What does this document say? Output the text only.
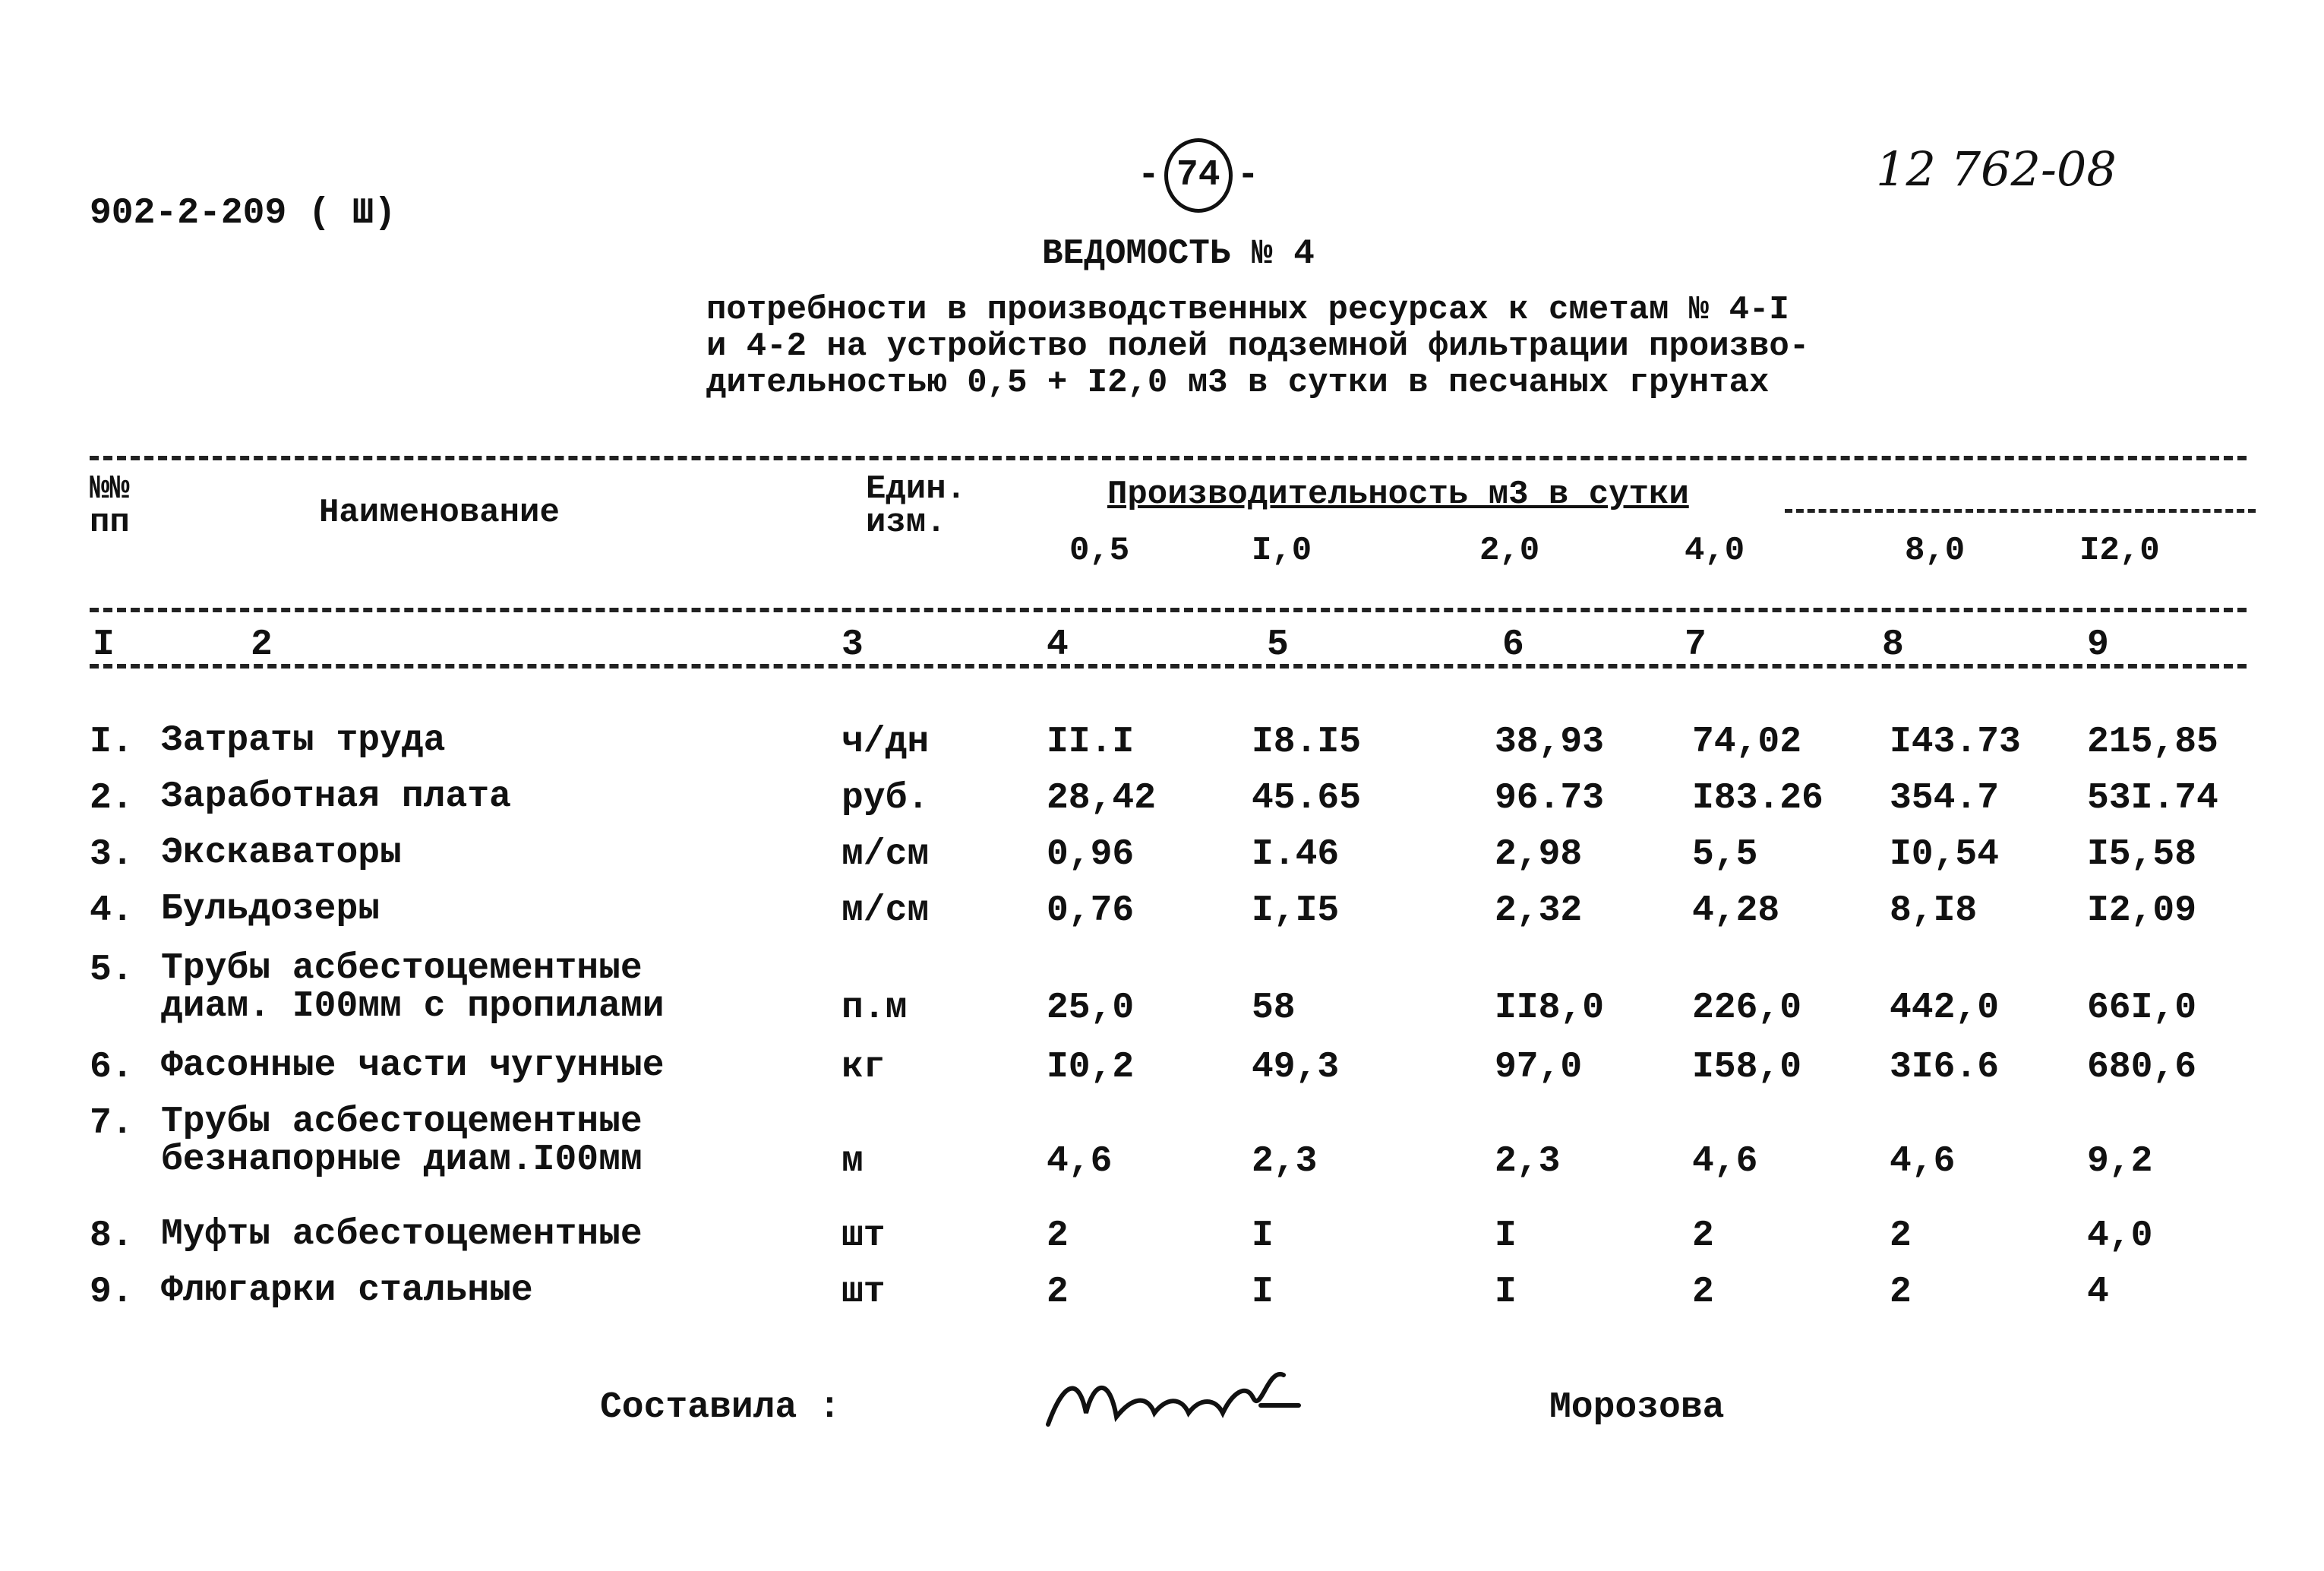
902-2-209 ( Ш)
- 74 -	12 762-08
ВЕДОМОСТЬ № 4
потребности в производственных ресурсах к сметам № 4-I
и 4-2 на устройство полей подземной фильтрации произво-
дительностью 0,5 + I2,0 м3 в сутки в песчаных грунтах
№№
пп	Наименование
Един.
изм.
Производительность м3 в сутки
0,5	I,0	2,0	4,0	8,0	I2,0
I	2	3	4	5	6	7	8	9
I. Затраты труда	ч/дн	II.I	I8.I5	38,93 74,02 I43.73 215,85
2. Заработная плата	руб.	28,42	45.65	96.73 I83.26 354.7 53I.74
3. Экскаваторы	м/см	0,96	I.46	2,98	5,5	I0,54 I5,58
4. Бульдозеры	м/см	0,76	I,I5	2,32	4,28	8,I8	I2,09
5. Трубы асбестоцементные
диам. I00мм с пропилами	п.м	25,0	58	II8,0 226,0 442,0 66I,0
6. Фасонные части чугунные	кг	I0,2	49,3	97,0	I58,0 3I6.6 680,6
7. Трубы асбестоцементные
безнапорные диам.I00мм	м	4,6	2,3	2,3	4,6	4,6	9,2
8. Муфты асбестоцементные	шт	2	I	I	2	2	4,0
9. Флюгарки стальные	шт	2	I	I	2	2	4
Составила :	Морозова
